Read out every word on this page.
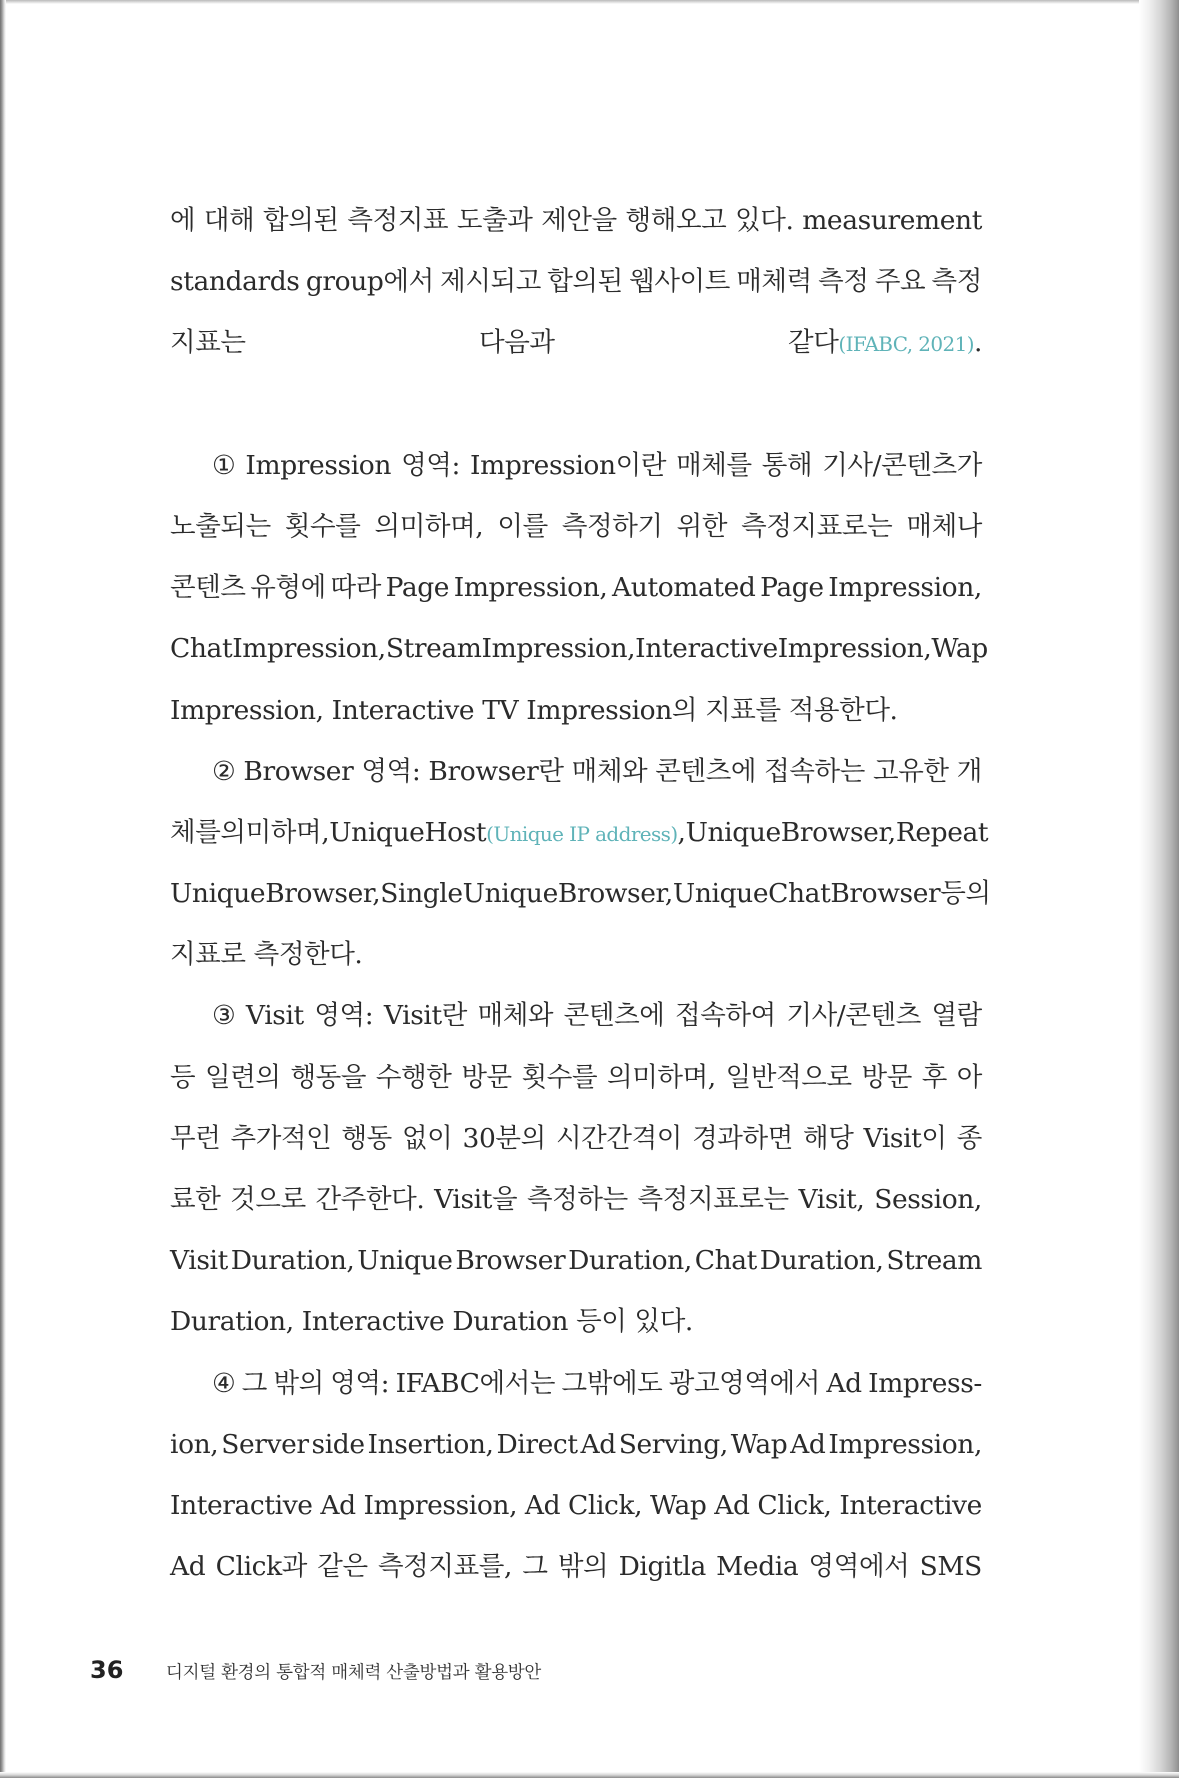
에 대해 합의된 측정지표 도출과 제안을 행해오고 있다. measurement
standards group에서 제시되고 합의된 웹사이트 매체력 측정 주요 측정
지표는	다음과	같다(IFABC, 2021).
① Impression 영역: Impression이란 매체를 통해 기사/콘텐츠가
노출되는 횟수를 의미하며, 이를 측정하기 위한 측정지표로는 매체나
콘텐츠 유형에 따라 Page Impression, Automated Page Impression,
Chat Impression, Stream Impression, Interactive Impression, Wap
Impression, Interactive TV Impression의 지표를 적용한다.
② Browser 영역: Browser란 매체와 콘텐츠에 접속하는 고유한 개
체를 의미하며, Unique Host(Unique IP address), Unique Browser, Repeat
Unique Browser, Single Unique Browser, Unique Chat Browser 등의
지표로 측정한다.
③ Visit 영역: Visit란 매체와 콘텐츠에 접속하여 기사/콘텐츠 열람
등 일련의 행동을 수행한 방문 횟수를 의미하며, 일반적으로 방문 후 아
무런 추가적인 행동 없이 30분의 시간간격이 경과하면 해당 Visit이 종
료한 것으로 간주한다. Visit을 측정하는 측정지표로는 Visit, Session,
Visit Duration, Unique Browser Duration, Chat Duration, Stream
Duration, Interactive Duration 등이 있다.
④ 그 밖의 영역: IFABC에서는 그밖에도 광고영역에서 Ad Impress-
ion, Server side Insertion, Direct Ad Serving, Wap Ad Impression,
Interactive Ad Impression, Ad Click, Wap Ad Click, Interactive
Ad Click과 같은 측정지표를, 그 밖의 Digitla Media 영역에서 SMS
36	디지털 환경의 통합적 매체력 산출방법과 활용방안
